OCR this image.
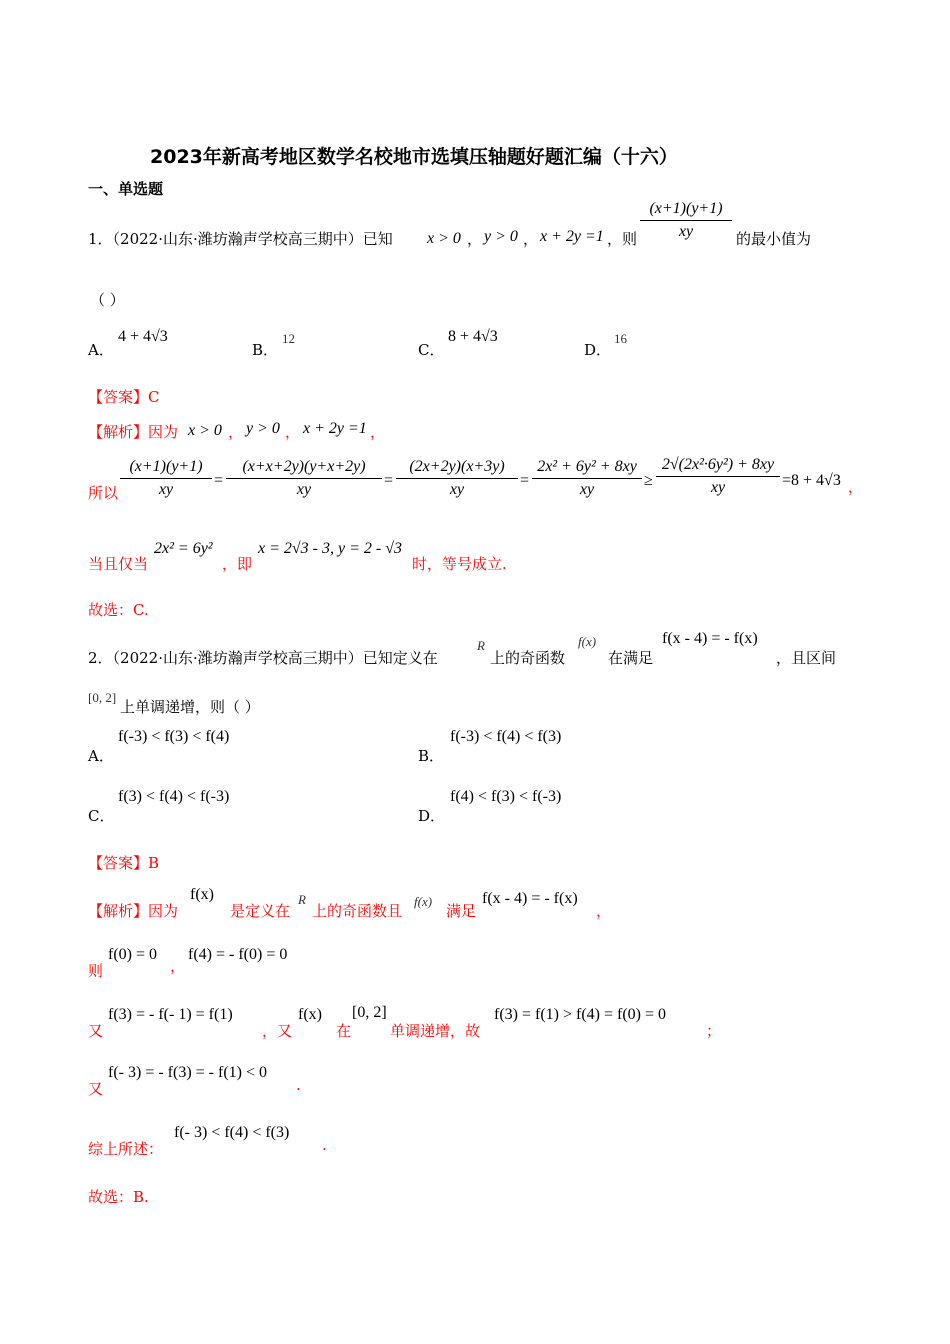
2023年新高考地区数学名校地市选填压轴题好题汇编（十六）
一、单选题
1．（2022·山东·潍坊瀚声学校高三期中）已知 x > 0 ， y > 0 ， x + 2y =1 ，则
(x+1)(y+1)
xy	的最小值为
（ ）
A．
4 + 4√3
B．
12
C．
8 + 4√3
D．
16
【答案】C
【解析】因为 x > 0 ， y > 0 ， x + 2y =1 ，
所以
(x+1)(y+1)
xy
=
(x+x+2y)(y+x+2y)
xy
=
(2x+2y)(x+3y)
xy
=
2x² + 6y² + 8xy
xy
≥
2√(2x²·6y²) + 8xy
xy	=8 + 4√3 ，
当且仅当
2x² = 6y²
，即
x = 2√3 - 3, y = 2 - √3
时，等号成立.
故选：C.
2．（2022·山东·潍坊瀚声学校高三期中）已知定义在
R
上的奇函数
f(x)
在满足
f(x - 4) = - f(x)
，且区间
[0, 2]
上单调递增，则（ ）
A．
f(-3) < f(3) < f(4)
B．
f(-3) < f(4) < f(3)
C．
f(3) < f(4) < f(-3)
D．
f(4) < f(3) < f(-3)
【答案】B
【解析】因为
f(x)
是定义在
R
上的奇函数且
f(x)
满足
f(x - 4) = - f(x)
，
则
f(0) = 0
，
f(4) = - f(0) = 0
又
f(3) = - f(- 1) = f(1)
，又
f(x)
在
[0, 2]
单调递增，故
f(3) = f(1) > f(4) = f(0) = 0
；
又
f(- 3) = - f(3) = - f(1) < 0
.
综上所述：
f(- 3) < f(4) < f(3)
.
故选：B.
